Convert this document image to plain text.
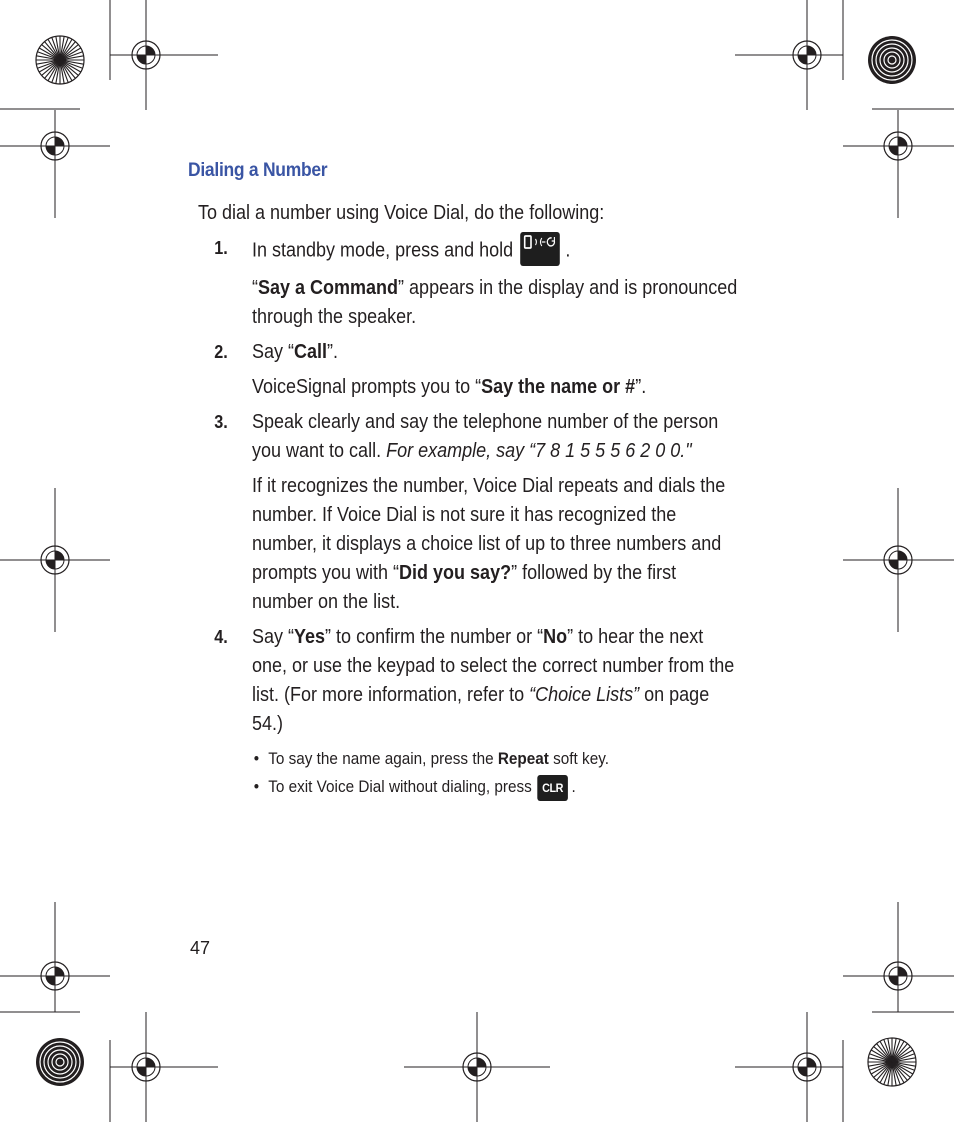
Dialing a Number

To dial a number using Voice Dial, do the following:

1. In standby mode, press and hold	.

“Say a Command” appears in the display and is pronounced through the speaker.

2. Say “Call”.

VoiceSignal prompts you to “Say the name or #”.

3. Speak clearly and say the telephone number of the person you want to call. For example, say “7 8 1 5 5 5 6 2 0 0."

If it recognizes the number, Voice Dial repeats and dials the number. If Voice Dial is not sure it has recognized the number, it displays a choice list of up to three numbers and prompts you with “Did you say?” followed by the first number on the list.

4. Say “Yes” to confirm the number or “No” to hear the next one, or use the keypad to select the correct number from the list. (For more information, refer to “Choice Lists” on page 54.)

• To say the name again, press the Repeat soft key.
• To exit Voice Dial without dialing, press CLR .
47
